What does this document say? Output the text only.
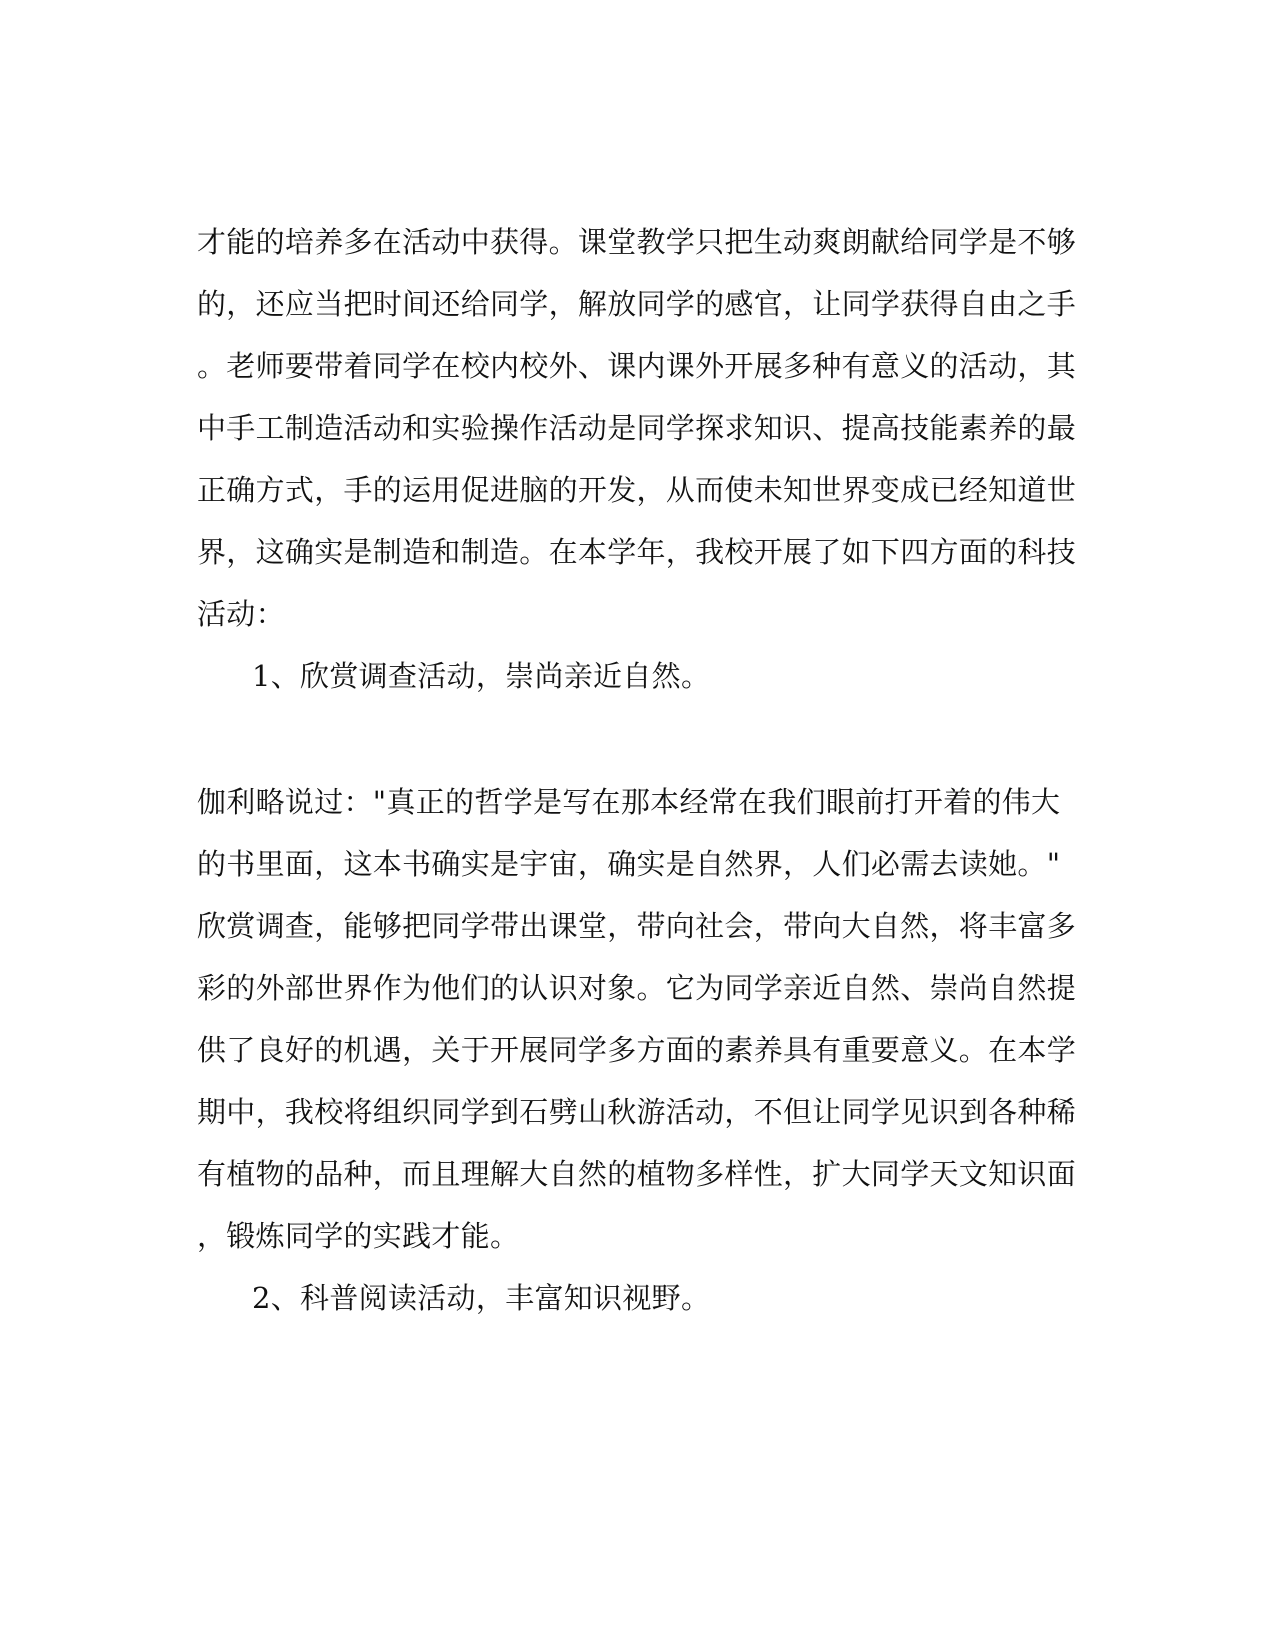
才能的培养多在活动中获得。课堂教学只把生动爽朗献给同学是不够
的，还应当把时间还给同学，解放同学的感官，让同学获得自由之手
。老师要带着同学在校内校外、课内课外开展多种有意义的活动，其
中手工制造活动和实验操作活动是同学探求知识、提高技能素养的最
正确方式，手的运用促进脑的开发，从而使未知世界变成已经知道世
界，这确实是制造和制造。在本学年，我校开展了如下四方面的科技
活动：
1、欣赏调查活动，崇尚亲近自然。
伽利略说过："真正的哲学是写在那本经常在我们眼前打开着的伟大
的书里面，这本书确实是宇宙，确实是自然界，人们必需去读她。"
欣赏调查，能够把同学带出课堂，带向社会，带向大自然，将丰富多
彩的外部世界作为他们的认识对象。它为同学亲近自然、崇尚自然提
供了良好的机遇，关于开展同学多方面的素养具有重要意义。在本学
期中，我校将组织同学到石劈山秋游活动，不但让同学见识到各种稀
有植物的品种，而且理解大自然的植物多样性，扩大同学天文知识面
，锻炼同学的实践才能。
2、科普阅读活动，丰富知识视野。
